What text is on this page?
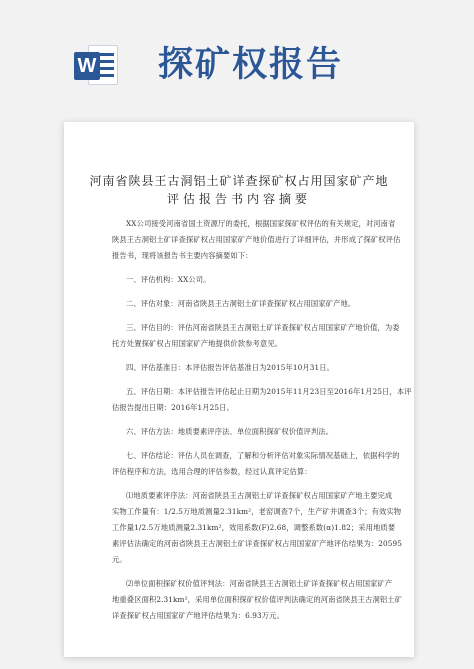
W 探矿权报告
河南省陕县王古洞铝土矿详查探矿权占用国家矿产地
评估报告书内容摘要
XX公司接受河南省国土资源厅的委托，根据国家探矿权评估的有关规定，对河南省
陕县王古洞铝土矿详查探矿权占用国家矿产地价值进行了详细评估，并形成了探矿权评估
报告书，现将该报告书主要内容摘要如下：
一、评估机构：XX公司。
二、评估对象：河南省陕县王古洞铝土矿详查探矿权占用国家矿产地。
三、评估目的：评估河南省陕县王古洞铝土矿详查探矿权占用国家矿产地价值，为委
托方处置探矿权占用国家矿产地提供价款参考意见。
四、评估基准日：本评估报告评估基准日为2015年10月31日。
五、评估日期：本评估报告评估起止日期为2015年11月23日至2016年1月25日，本评
估报告提出日期：2016年1月25日。
六、评估方法：地质要素评序法、单位面积探矿权价值评判法。
七、评估结论：评估人员在调查，了解和分析评估对象实际情况基础上，依据科学的
评估程序和方法，选用合理的评估参数，经过认真评定估算：
⑴地质要素评序法：河南省陕县王古洞铝土矿详查探矿权占用国家矿产地主要完成
实物工作量有：1/2.5万地质测量2.31km²，老窑调查7个，生产矿井调查3个；有效实物
工作量1/2.5万地质测量2.31km²，效用系数(F)2.68，调整系数(α)1.82；采用地质要
素评估法确定的河南省陕县王古洞铝土矿详查探矿权占用国家矿产地评估结果为：20595
元。
⑵单位面积探矿权价值评判法：河南省陕县王古洞铝土矿详查探矿权占用国家矿产
地重叠区面积2.31km²，采用单位面积探矿权价值评判法确定的河南省陕县王古洞铝土矿
详查探矿权占用国家矿产地评估结果为：6.93万元。
